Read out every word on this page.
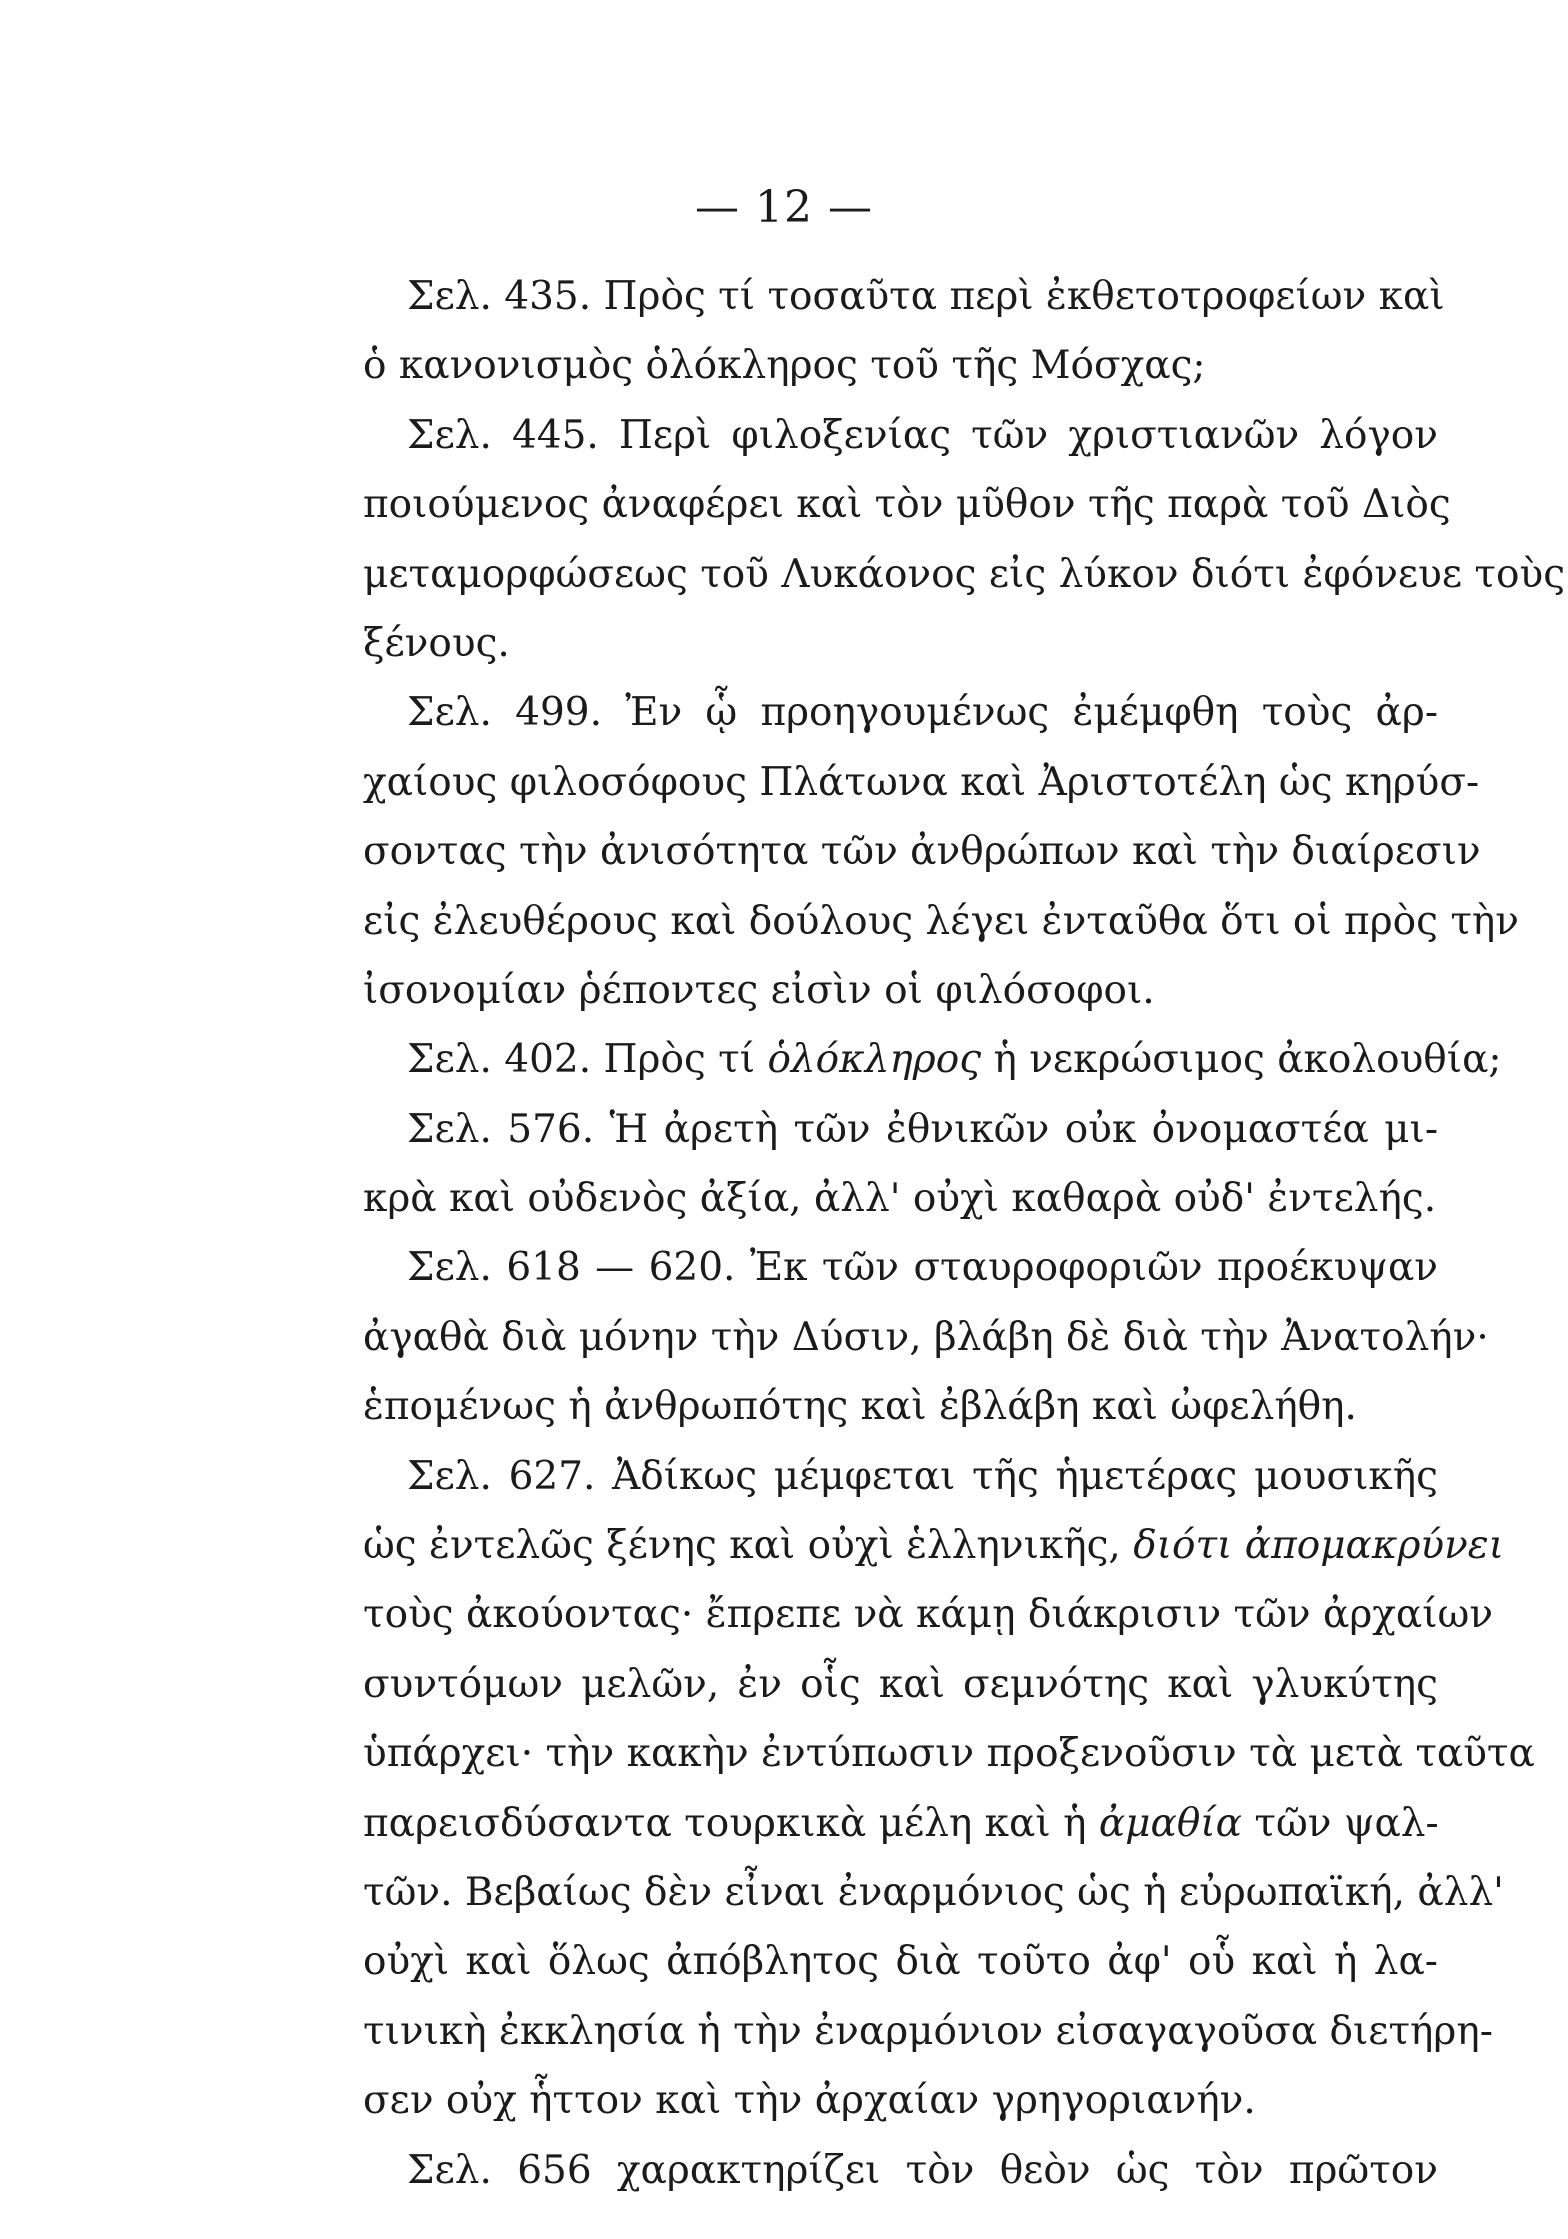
— 12 —
Σελ. 435. Πρὸς τί τοσαῦτα περὶ ἐκθετοτροφείων καὶ
ὁ κανονισμὸς ὁλόκληρος τοῦ τῆς Μόσχας;
Σελ. 445. Περὶ φιλοξενίας τῶν χριστιανῶν λόγον
ποιούμενος ἀναφέρει καὶ τὸν μῦθον τῆς παρὰ τοῦ Διὸς
μεταμορφώσεως τοῦ Λυκάονος εἰς λύκον διότι ἐφόνευε τοὺς
ξένους.
Σελ. 499. Ἐν ᾧ προηγουμένως ἐμέμφθη τοὺς ἀρ-
χαίους φιλοσόφους Πλάτωνα καὶ Ἀριστοτέλη ὡς κηρύσ-
σοντας τὴν ἀνισότητα τῶν ἀνθρώπων καὶ τὴν διαίρεσιν
εἰς ἐλευθέρους καὶ δούλους λέγει ἐνταῦθα ὅτι οἱ πρὸς τὴν
ἰσονομίαν ῥέποντες εἰσὶν οἱ φιλόσοφοι.
Σελ. 402. Πρὸς τί ὁλόκληρος ἡ νεκρώσιμος ἀκολουθία;
Σελ. 576. Ἡ ἀρετὴ τῶν ἐθνικῶν οὐκ ὀνομαστέα μι-
κρὰ καὶ οὐδενὸς ἀξία, ἀλλ' οὐχὶ καθαρὰ οὐδ' ἐντελής.
Σελ. 618 — 620. Ἐκ τῶν σταυροφοριῶν προέκυψαν
ἀγαθὰ διὰ μόνην τὴν Δύσιν, βλάβη δὲ διὰ τὴν Ἀνατολήν·
ἑπομένως ἡ ἀνθρωπότης καὶ ἐβλάβη καὶ ὠφελήθη.
Σελ. 627. Ἀδίκως μέμφεται τῆς ἡμετέρας μουσικῆς
ὡς ἐντελῶς ξένης καὶ οὐχὶ ἑλληνικῆς, διότι ἀπομακρύνει
τοὺς ἀκούοντας· ἔπρεπε νὰ κάμῃ διάκρισιν τῶν ἀρχαίων
συντόμων μελῶν, ἐν οἷς καὶ σεμνότης καὶ γλυκύτης
ὑπάρχει· τὴν κακὴν ἐντύπωσιν προξενοῦσιν τὰ μετὰ ταῦτα
παρεισδύσαντα τουρκικὰ μέλη καὶ ἡ ἀμαθία τῶν ψαλ-
τῶν. Βεβαίως δὲν εἶναι ἐναρμόνιος ὡς ἡ εὐρωπαϊκή, ἀλλ'
οὐχὶ καὶ ὅλως ἀπόβλητος διὰ τοῦτο ἀφ' οὗ καὶ ἡ λα-
τινικὴ ἐκκλησία ἡ τὴν ἐναρμόνιον εἰσαγαγοῦσα διετήρη-
σεν οὐχ ἧττον καὶ τὴν ἀρχαίαν γρηγοριανήν.
Σελ. 656 χαρακτηρίζει τὸν θεὸν ὡς τὸν πρῶτον
